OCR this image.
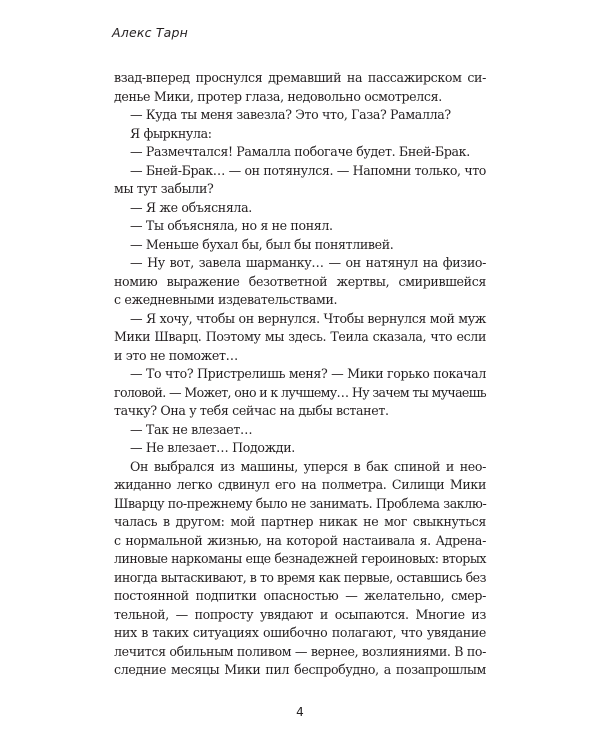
Алекс Тарн
взад-вперед проснулся дремавший на пассажирском си-
денье Мики, протер глаза, недовольно осмотрелся.
— Куда ты меня завезла? Это что, Газа? Рамалла?
Я фыркнула:
— Размечтался! Рамалла побогаче будет. Бней-Брак.
— Бней-Брак… — он потянулся. — Напомни только, что
мы тут забыли?
— Я же объясняла.
— Ты объясняла, но я не понял.
— Меньше бухал бы, был бы понятливей.
— Ну вот, завела шарманку… — он натянул на физио-
номию выражение безответной жертвы, смирившейся
с ежедневными издевательствами.
— Я хочу, чтобы он вернулся. Чтобы вернулся мой муж
Мики Шварц. Поэтому мы здесь. Теила сказала, что если
и это не поможет…
— То что? Пристрелишь меня? — Мики горько покачал
головой. — Может, оно и к лучшему… Ну зачем ты мучаешь
тачку? Она у тебя сейчас на дыбы встанет.
— Так не влезает…
— Не влезает… Подожди.
Он выбрался из машины, уперся в бак спиной и нео-
жиданно легко сдвинул его на полметра. Силищи Мики
Шварцу по-прежнему было не занимать. Проблема заклю-
чалась в другом: мой партнер никак не мог свыкнуться
с нормальной жизнью, на которой настаивала я. Адрена-
линовые наркоманы еще безнадежней героиновых: вторых
иногда вытаскивают, в то время как первые, оставшись без
постоянной подпитки опасностью — желательно, смер-
тельной, — попросту увядают и осыпаются. Многие из
них в таких ситуациях ошибочно полагают, что увядание
лечится обильным поливом — вернее, возлияниями. В по-
следние месяцы Мики пил беспробудно, а позапрошлым
4
